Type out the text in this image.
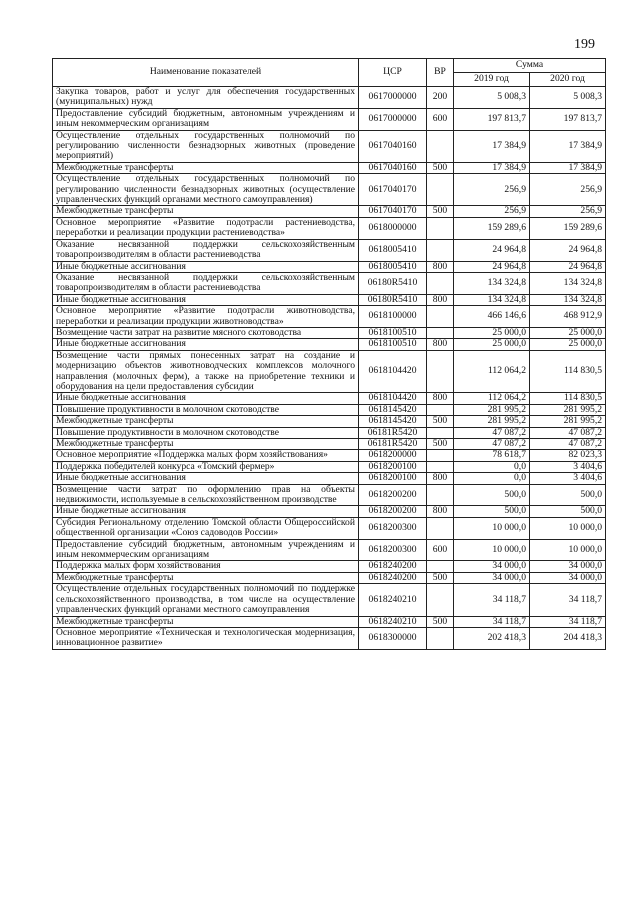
199
Наименование показателей	ЦСР	ВР	Сумма	
			2019 год	2020 год
Закупка товаров, работ и услуг для обеспечения государственных (муниципальных) нужд	0617000000	200	5 008,3	5 008,3
Предоставление субсидий бюджетным, автономным учреждениям и иным некоммерческим организациям	0617000000	600	197 813,7	197 813,7
Осуществление отдельных государственных полномочий по регулированию численности безнадзорных животных (проведение мероприятий)	0617040160		17 384,9	17 384,9
Межбюджетные трансферты	0617040160	500	17 384,9	17 384,9
Осуществление отдельных государственных полномочий по регулированию численности безнадзорных животных (осуществление управленческих функций органами местного самоуправления)	0617040170		256,9	256,9
Межбюджетные трансферты	0617040170	500	256,9	256,9
Основное мероприятие «Развитие подотрасли растениеводства, переработки и реализации продукции растениеводства»	0618000000		159 289,6	159 289,6
Оказание несвязанной поддержки сельскохозяйственным товаропроизводителям в области растениеводства	0618005410		24 964,8	24 964,8
Иные бюджетные ассигнования	0618005410	800	24 964,8	24 964,8
Оказание несвязанной поддержки сельскохозяйственным товаропроизводителям в области растениеводства	06180R5410		134 324,8	134 324,8
Иные бюджетные ассигнования	06180R5410	800	134 324,8	134 324,8
Основное мероприятие «Развитие подотрасли животноводства, переработки и реализации продукции животноводства»	0618100000		466 146,6	468 912,9
Возмещение части затрат на развитие мясного скотоводства	0618100510		25 000,0	25 000,0
Иные бюджетные ассигнования	0618100510	800	25 000,0	25 000,0
Возмещение части прямых понесенных затрат на создание и модернизацию объектов животноводческих комплексов молочного направления (молочных ферм), а также на приобретение техники и оборудования на цели предоставления субсидии	0618104420		112 064,2	114 830,5
Иные бюджетные ассигнования	0618104420	800	112 064,2	114 830,5
Повышение продуктивности в молочном скотоводстве	0618145420		281 995,2	281 995,2
Межбюджетные трансферты	0618145420	500	281 995,2	281 995,2
Повышение продуктивности в молочном скотоводстве	06181R5420		47 087,2	47 087,2
Межбюджетные трансферты	06181R5420	500	47 087,2	47 087,2
Основное мероприятие «Поддержка малых форм хозяйствования»	0618200000		78 618,7	82 023,3
Поддержка победителей конкурса «Томский фермер»	0618200100		0,0	3 404,6
Иные бюджетные ассигнования	0618200100	800	0,0	3 404,6
Возмещение части затрат по оформлению прав на объекты недвижимости, используемые в сельскохозяйственном производстве	0618200200		500,0	500,0
Иные бюджетные ассигнования	0618200200	800	500,0	500,0
Субсидия Региональному отделению Томской области Общероссийской общественной организации «Союз садоводов России»	0618200300		10 000,0	10 000,0
Предоставление субсидий бюджетным, автономным учреждениям и иным некоммерческим организациям	0618200300	600	10 000,0	10 000,0
Поддержка малых форм хозяйствования	0618240200		34 000,0	34 000,0
Межбюджетные трансферты	0618240200	500	34 000,0	34 000,0
Осуществление отдельных государственных полномочий по поддержке сельскохозяйственного производства, в том числе на осуществление управленческих функций органами местного самоуправления	0618240210		34 118,7	34 118,7
Межбюджетные трансферты	0618240210	500	34 118,7	34 118,7
Основное мероприятие «Техническая и технологическая модернизация, инновационное развитие»	0618300000		202 418,3	204 418,3
